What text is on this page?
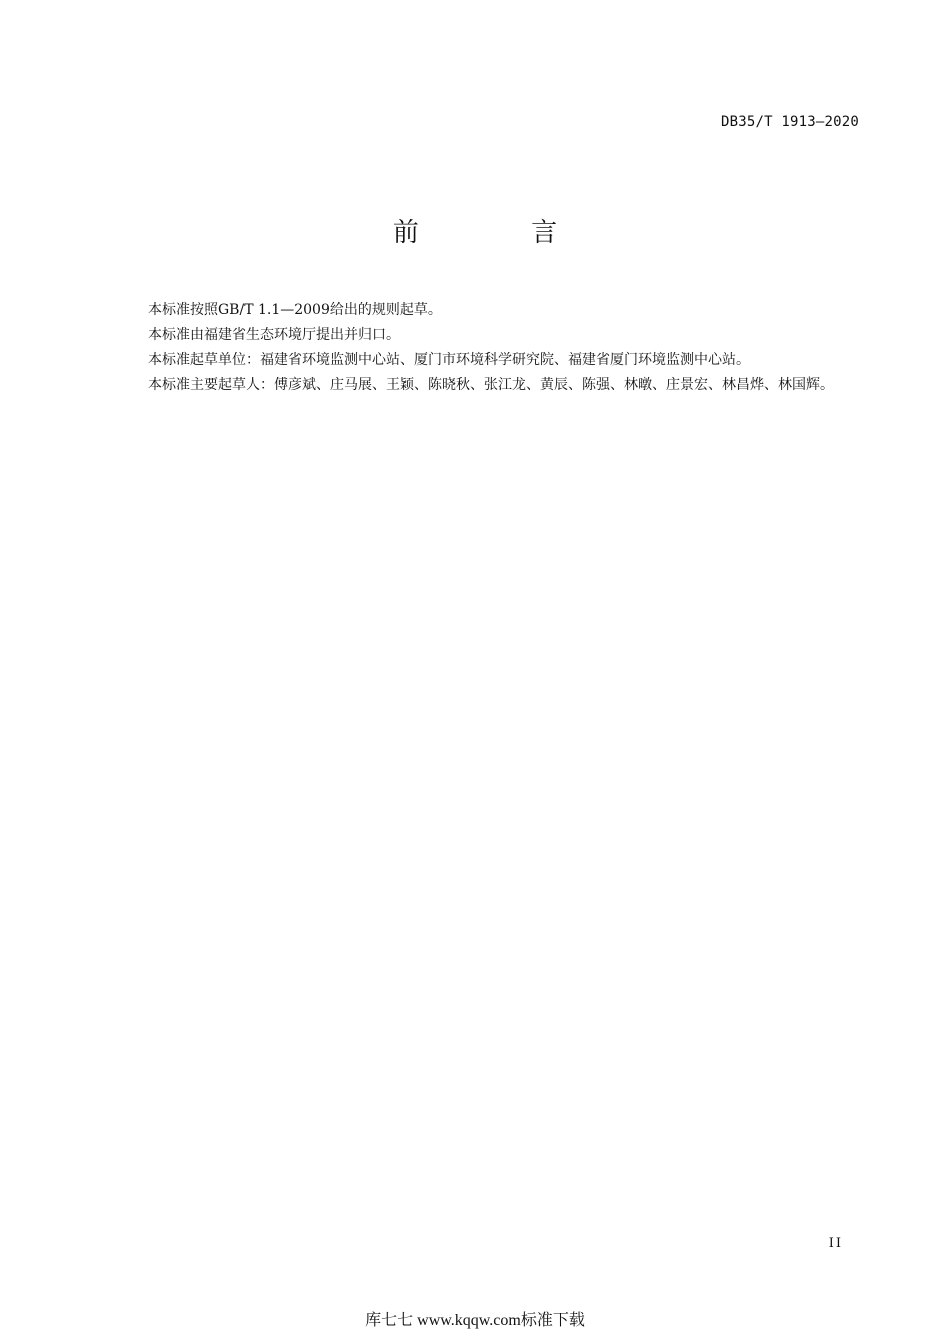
DB35/T 1913—2020
前 言

本标准按照GB/T 1.1—2009给出的规则起草。

本标准由福建省生态环境厅提出并归口。

本标准起草单位：福建省环境监测中心站、厦门市环境科学研究院、福建省厦门环境监测中心站。

本标准主要起草人：傅彦斌、庄马展、王颖、陈晓秋、张江龙、黄辰、陈强、林暾、庄景宏、林昌烨、林国辉。

II
库七七 www.kqqw.com标准下载
